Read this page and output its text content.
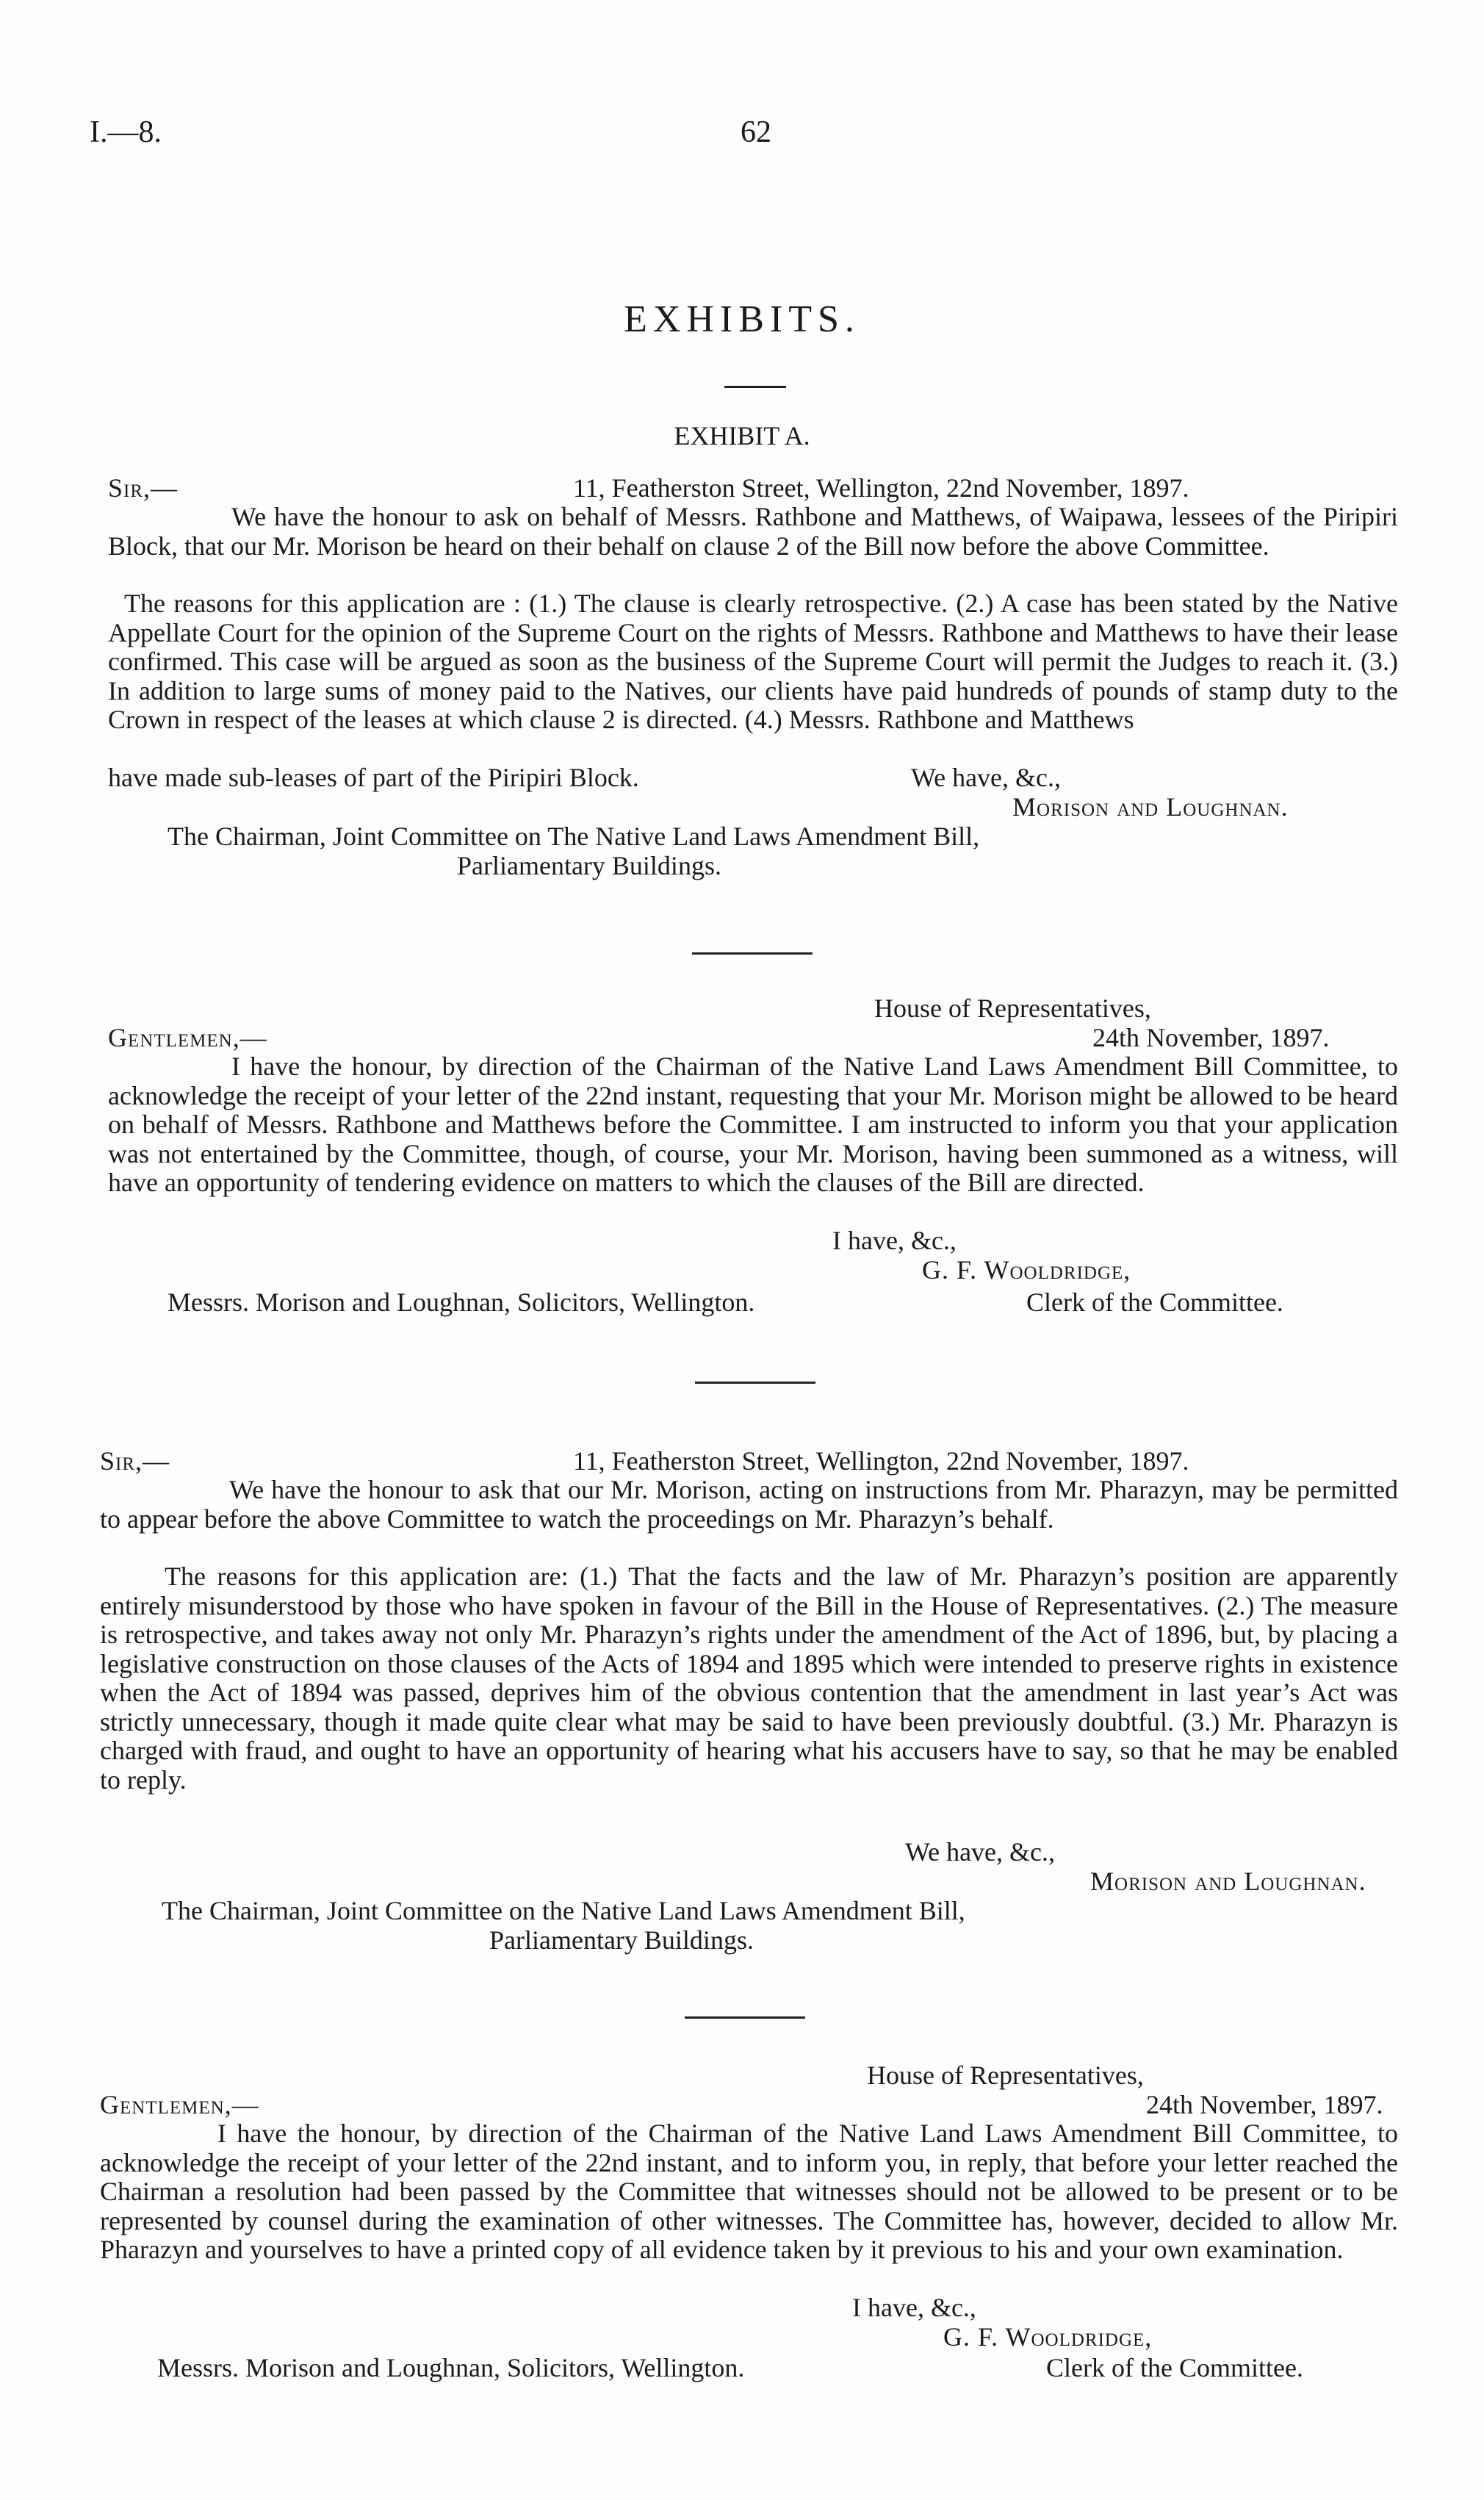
I.—8.	62
EXHIBITS.
EXHIBIT A.
Sir,—	11, Featherston Street, Wellington, 22nd November, 1897.
We have the honour to ask on behalf of Messrs. Rathbone and Matthews, of Waipawa, lessees of the Piripiri Block, that our Mr. Morison be heard on their behalf on clause 2 of the Bill now before the above Committee.
The reasons for this application are : (1.) The clause is clearly retrospective. (2.) A case has been stated by the Native Appellate Court for the opinion of the Supreme Court on the rights of Messrs. Rathbone and Matthews to have their lease confirmed. This case will be argued as soon as the business of the Supreme Court will permit the Judges to reach it. (3.) In addition to large sums of money paid to the Natives, our clients have paid hundreds of pounds of stamp duty to the Crown in respect of the leases at which clause 2 is directed. (4.) Messrs. Rathbone and Matthews
have made sub-leases of part of the Piripiri Block.	We have, &c.,
Morison and Loughnan.
The Chairman, Joint Committee on The Native Land Laws Amendment Bill,
Parliamentary Buildings.
House of Representatives,
Gentlemen,—	24th November, 1897.
I have the honour, by direction of the Chairman of the Native Land Laws Amendment Bill Committee, to acknowledge the receipt of your letter of the 22nd instant, requesting that your Mr. Morison might be allowed to be heard on behalf of Messrs. Rathbone and Matthews before the Committee. I am instructed to inform you that your application was not entertained by the Committee, though, of course, your Mr. Morison, having been summoned as a witness, will have an opportunity of tendering evidence on matters to which the clauses of the Bill are directed.
I have, &c.,
G. F. Wooldridge,
Messrs. Morison and Loughnan, Solicitors, Wellington.	Clerk of the Committee.
Sir,—	11, Featherston Street, Wellington, 22nd November, 1897.
We have the honour to ask that our Mr. Morison, acting on instructions from Mr. Pharazyn, may be permitted to appear before the above Committee to watch the proceedings on Mr. Pharazyn’s behalf.
The reasons for this application are: (1.) That the facts and the law of Mr. Pharazyn’s position are apparently entirely misunderstood by those who have spoken in favour of the Bill in the House of Representatives. (2.) The measure is retrospective, and takes away not only Mr. Pharazyn’s rights under the amendment of the Act of 1896, but, by placing a legislative construction on those clauses of the Acts of 1894 and 1895 which were intended to preserve rights in existence when the Act of 1894 was passed, deprives him of the obvious contention that the amendment in last year’s Act was strictly unnecessary, though it made quite clear what may be said to have been previously doubtful. (3.) Mr. Pharazyn is charged with fraud, and ought to have an opportunity of hearing what his accusers have to say, so that he may be enabled to reply.
We have, &c.,
Morison and Loughnan.
The Chairman, Joint Committee on the Native Land Laws Amendment Bill,
Parliamentary Buildings.
House of Representatives,
Gentlemen,—	24th November, 1897.
I have the honour, by direction of the Chairman of the Native Land Laws Amendment Bill Committee, to acknowledge the receipt of your letter of the 22nd instant, and to inform you, in reply, that before your letter reached the Chairman a resolution had been passed by the Committee that witnesses should not be allowed to be present or to be represented by counsel during the examination of other witnesses. The Committee has, however, decided to allow Mr. Pharazyn and yourselves to have a printed copy of all evidence taken by it previous to his and your own examination.
I have, &c.,
G. F. Wooldridge,
Messrs. Morison and Loughnan, Solicitors, Wellington.	Clerk of the Committee.
